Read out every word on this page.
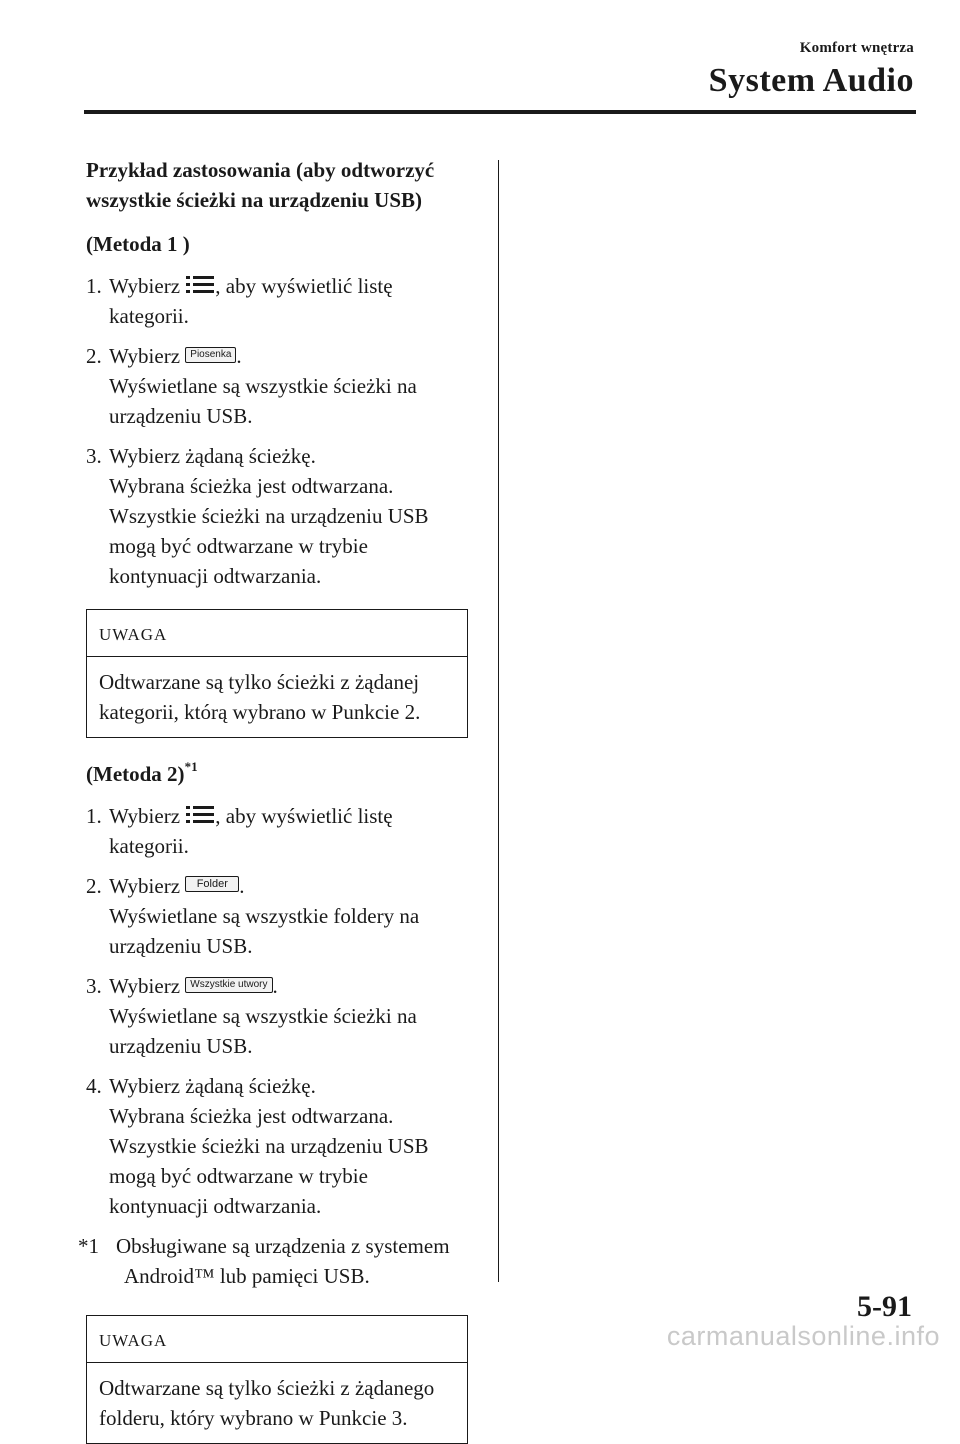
Komfort wnętrza
System Audio

Przykład zastosowania (aby odtworzyć
wszystkie ścieżki na urządzeniu USB)

(Metoda 1 )

1. Wybierz , aby wyświetlić listę
kategorii.
2. Wybierz Piosenka .
Wyświetlane są wszystkie ścieżki na
urządzeniu USB.
3. Wybierz żądaną ścieżkę.
Wybrana ścieżka jest odtwarzana.
Wszystkie ścieżki na urządzeniu USB
mogą być odtwarzane w trybie
kontynuacji odtwarzania.
UWAGA
Odtwarzane są tylko ścieżki z żądanej
kategorii, którą wybrano w Punkcie 2.

(Metoda 2)$^{*1}$

1. Wybierz , aby wyświetlić listę
kategorii.
2. Wybierz Folder .
Wyświetlane są wszystkie foldery na
urządzeniu USB.
3. Wybierz Wszystkie utwory .
Wyświetlane są wszystkie ścieżki na
urządzeniu USB.
4. Wybierz żądaną ścieżkę.
Wybrana ścieżka jest odtwarzana.
Wszystkie ścieżki na urządzeniu USB
mogą być odtwarzane w trybie
kontynuacji odtwarzania.
*1 Obsługiwane są urządzenia z systemem
Android™ lub pamięci USB.
UWAGA
Odtwarzane są tylko ścieżki z żądanego
folderu, który wybrano w Punkcie 3.
5-91
carmanualsonline.info
